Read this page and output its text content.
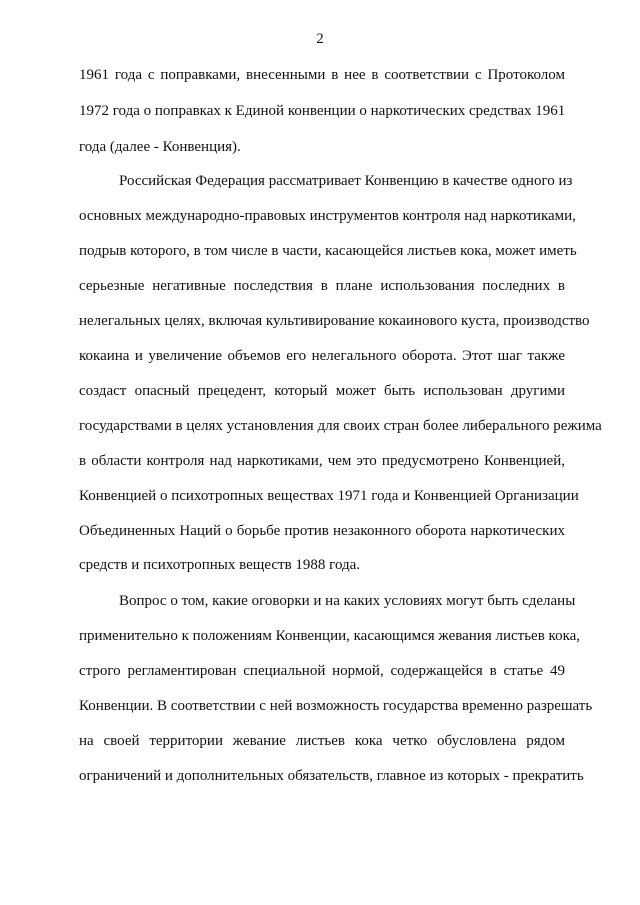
2
1961 года с поправками, внесенными в нее в соответствии с Протоколом
1972 года о поправках к Единой конвенции о наркотических средствах 1961
года (далее - Конвенция).
Российская Федерация рассматривает Конвенцию в качестве одного из
основных международно-правовых инструментов контроля над наркотиками,
подрыв которого, в том числе в части, касающейся листьев кока, может иметь
серьезные негативные последствия в плане использования последних в
нелегальных целях, включая культивирование кокаинового куста, производство
кокаина и увеличение объемов его нелегального оборота. Этот шаг также
создаст опасный прецедент, который может быть использован другими
государствами в целях установления для своих стран более либерального режима
в области контроля над наркотиками, чем это предусмотрено Конвенцией,
Конвенцией о психотропных веществах 1971 года и Конвенцией Организации
Объединенных Наций о борьбе против незаконного оборота наркотических
средств и психотропных веществ 1988 года.
Вопрос о том, какие оговорки и на каких условиях могут быть сделаны
применительно к положениям Конвенции, касающимся жевания листьев кока,
строго регламентирован специальной нормой, содержащейся в статье 49
Конвенции. В соответствии с ней возможность государства временно разрешать
на своей территории жевание листьев кока четко обусловлена рядом
ограничений и дополнительных обязательств, главное из которых - прекратить
